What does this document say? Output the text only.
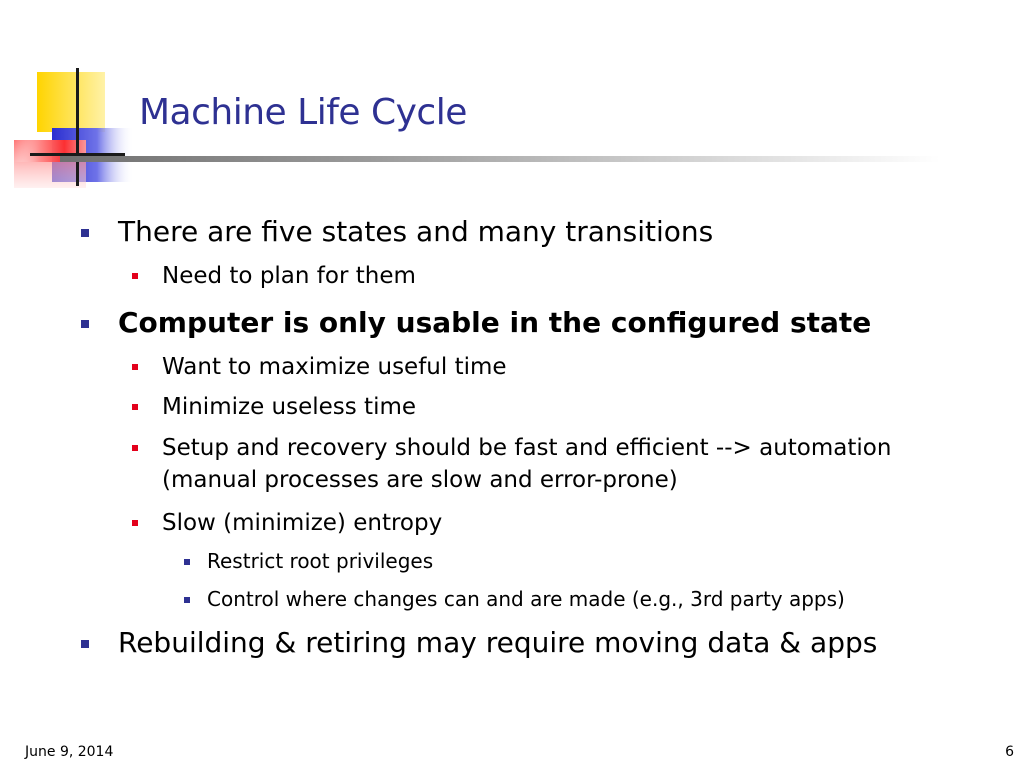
Machine Life Cycle
There are five states and many transitions
Need to plan for them
Computer is only usable in the configured state
Want to maximize useful time
Minimize useless time
Setup and recovery should be fast and efficient --> automation
(manual processes are slow and error-prone)
Slow (minimize) entropy
Restrict root privileges
Control where changes can and are made (e.g., 3rd party apps)
Rebuilding & retiring may require moving data & apps
June 9, 2014	6
